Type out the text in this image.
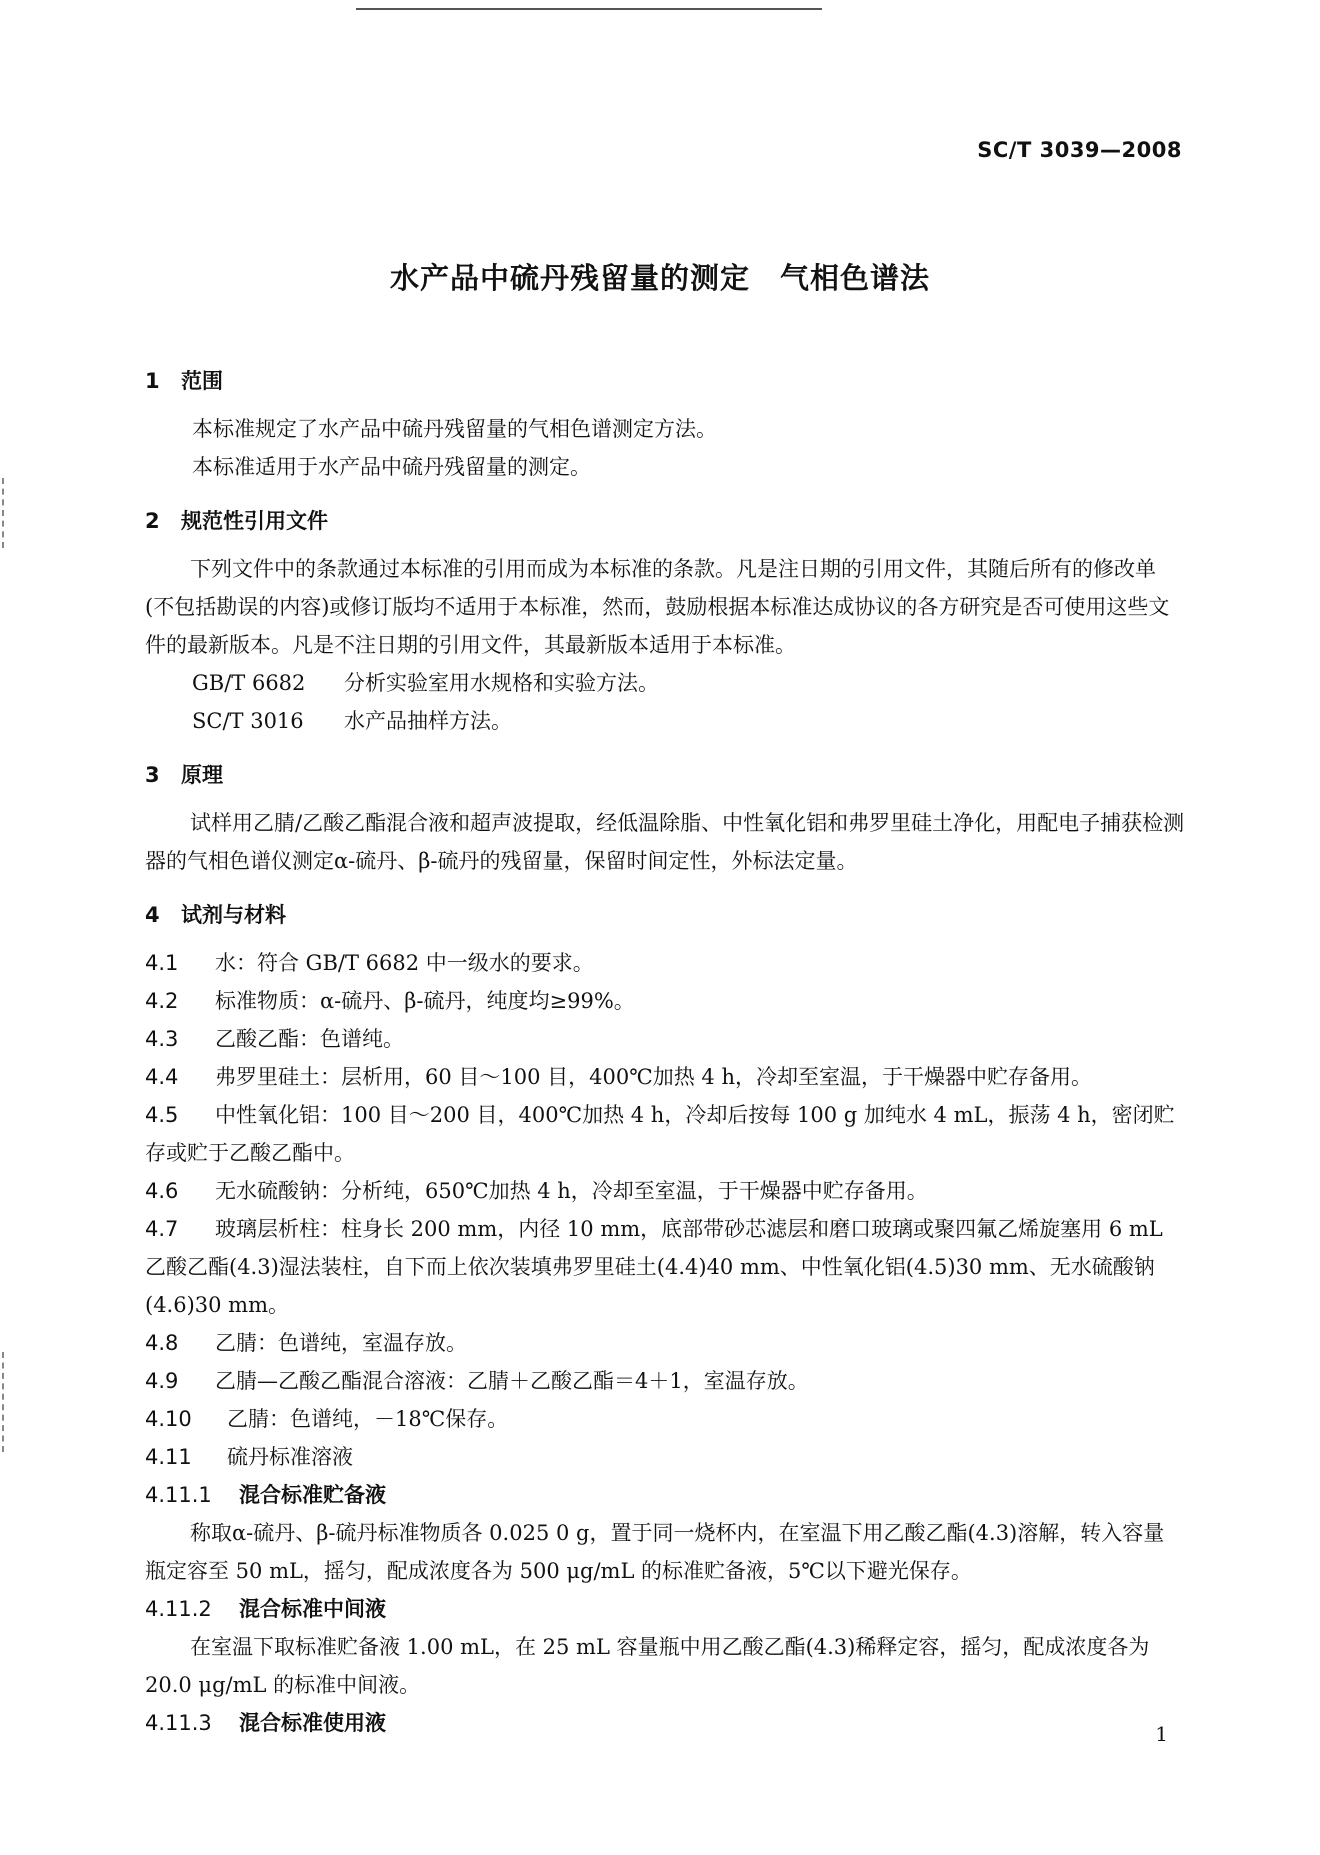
SC/T 3039—2008
水产品中硫丹残留量的测定　气相色谱法
1 范围
本标准规定了水产品中硫丹残留量的气相色谱测定方法。
本标准适用于水产品中硫丹残留量的测定。
2 规范性引用文件
下列文件中的条款通过本标准的引用而成为本标准的条款。凡是注日期的引用文件，其随后所有的修改单(不包括勘误的内容)或修订版均不适用于本标准，然而，鼓励根据本标准达成协议的各方研究是否可使用这些文件的最新版本。凡是不注日期的引用文件，其最新版本适用于本标准。
GB/T 6682 分析实验室用水规格和实验方法。
SC/T 3016 水产品抽样方法。
3 原理
试样用乙腈/乙酸乙酯混合液和超声波提取，经低温除脂、中性氧化铝和弗罗里硅土净化，用配电子捕获检测器的气相色谱仪测定α-硫丹、β-硫丹的残留量，保留时间定性，外标法定量。
4 试剂与材料
4.1 水：符合 GB/T 6682 中一级水的要求。
4.2 标准物质：α-硫丹、β-硫丹，纯度均≥99%。
4.3 乙酸乙酯：色谱纯。
4.4 弗罗里硅土：层析用，60 目～100 目，400℃加热 4 h，冷却至室温，于干燥器中贮存备用。
4.5 中性氧化铝：100 目～200 目，400℃加热 4 h，冷却后按每 100 g 加纯水 4 mL，振荡 4 h，密闭贮存或贮于乙酸乙酯中。
4.6 无水硫酸钠：分析纯，650℃加热 4 h，冷却至室温，于干燥器中贮存备用。
4.7 玻璃层析柱：柱身长 200 mm，内径 10 mm，底部带砂芯滤层和磨口玻璃或聚四氟乙烯旋塞用 6 mL 乙酸乙酯(4.3)湿法装柱，自下而上依次装填弗罗里硅土(4.4)40 mm、中性氧化铝(4.5)30 mm、无水硫酸钠(4.6)30 mm。
4.8 乙腈：色谱纯，室温存放。
4.9 乙腈—乙酸乙酯混合溶液：乙腈＋乙酸乙酯＝4＋1，室温存放。
4.10 乙腈：色谱纯，－18℃保存。
4.11 硫丹标准溶液
4.11.1 混合标准贮备液
称取α-硫丹、β-硫丹标准物质各 0.025 0 g，置于同一烧杯内，在室温下用乙酸乙酯(4.3)溶解，转入容量瓶定容至 50 mL，摇匀，配成浓度各为 500 μg/mL 的标准贮备液，5℃以下避光保存。
4.11.2 混合标准中间液
在室温下取标准贮备液 1.00 mL，在 25 mL 容量瓶中用乙酸乙酯(4.3)稀释定容，摇匀，配成浓度各为 20.0 μg/mL 的标准中间液。
4.11.3 混合标准使用液	1
